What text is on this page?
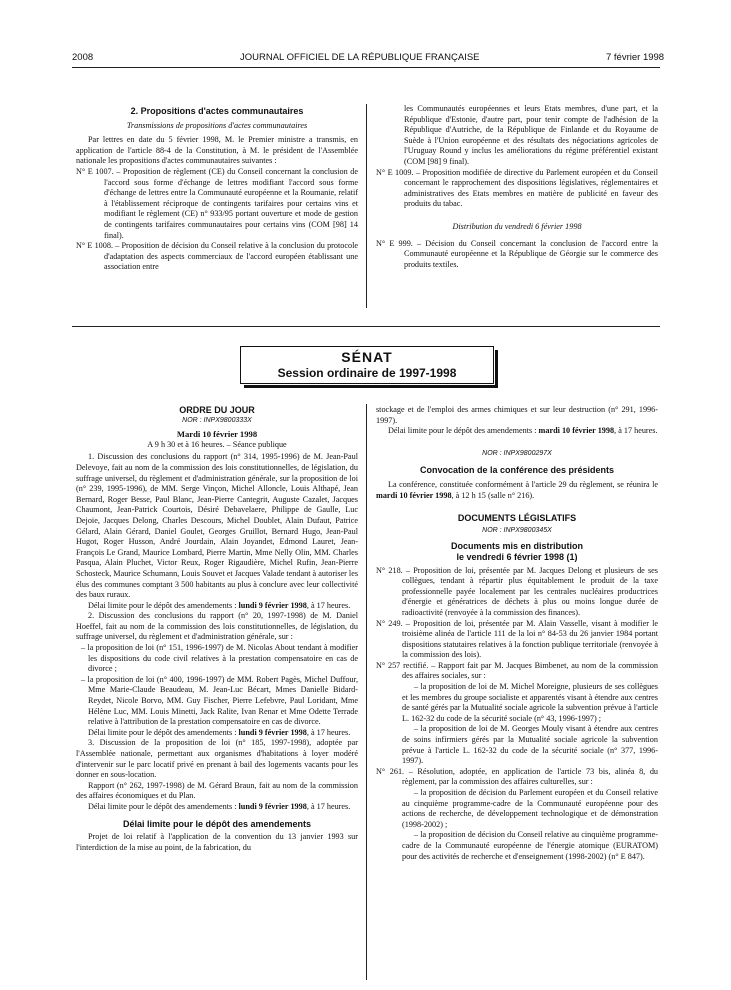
2008	JOURNAL OFFICIEL DE LA RÉPUBLIQUE FRANÇAISE	7 février 1998
2. Propositions d'actes communautaires
Transmissions de propositions d'actes communautaires

Par lettres en date du 5 février 1998, M. le Premier ministre a transmis, en application de l'article 88-4 de la Constitution, à M. le président de l'Assemblée nationale les propositions d'actes communautaires suivantes :

N° E 1007. – Proposition de règlement (CE) du Conseil concernant la conclusion de l'accord sous forme d'échange de lettres modifiant l'accord sous forme d'échange de lettres entre la Communauté européenne et la Roumanie, relatif à l'établissement réciproque de contingents tarifaires pour certains vins et modifiant le règlement (CE) n° 933/95 portant ouverture et mode de gestion de contingents tarifaires communautaires pour certains vins (COM [98] 14 final).

N° E 1008. – Proposition de décision du Conseil relative à la conclusion du protocole d'adaptation des aspects commerciaux de l'accord européen établissant une association entre

les Communautés européennes et leurs Etats membres, d'une part, et la République d'Estonie, d'autre part, pour tenir compte de l'adhésion de la République d'Autriche, de la République de Finlande et du Royaume de Suède à l'Union européenne et des résultats des négociations agricoles de l'Uruguay Round y inclus les améliorations du régime préférentiel existant (COM [98] 9 final).

N° E 1009. – Proposition modifiée de directive du Parlement européen et du Conseil concernant le rapprochement des dispositions législatives, réglementaires et administratives des Etats membres en matière de publicité en faveur des produits du tabac.

Distribution du vendredi 6 février 1998

N° E 999. – Décision du Conseil concernant la conclusion de l'accord entre la Communauté européenne et la République de Géorgie sur le commerce des produits textiles.

SÉNAT
Session ordinaire de 1997-1998
ORDRE DU JOUR
NOR : INPX9800333X
Mardi 10 février 1998
A 9 h 30 et à 16 heures. – Séance publique

1. Discussion des conclusions du rapport (n° 314, 1995-1996) de M. Jean-Paul Delevoye, fait au nom de la commission des lois constitutionnelles, de législation, du suffrage universel, du règlement et d'administration générale, sur la proposition de loi (n° 239, 1995-1996), de MM. Serge Vinçon, Michel Alloncle, Louis Althapé, Jean Bernard, Roger Besse, Paul Blanc, Jean-Pierre Cantegrit, Auguste Cazalet, Jacques Chaumont, Jean-Patrick Courtois, Désiré Debavelaere, Philippe de Gaulle, Luc Dejoie, Jacques Delong, Charles Descours, Michel Doublet, Alain Dufaut, Patrice Gélard, Alain Gérard, Daniel Goulet, Georges Gruillot, Bernard Hugo, Jean-Paul Hugot, Roger Husson, André Jourdain, Alain Joyandet, Edmond Lauret, Jean-François Le Grand, Maurice Lombard, Pierre Martin, Mme Nelly Olin, MM. Charles Pasqua, Alain Pluchet, Victor Reux, Roger Rigaudière, Michel Rufin, Jean-Pierre Schosteck, Maurice Schumann, Louis Souvet et Jacques Valade tendant à autoriser les élus des communes comptant 3 500 habitants au plus à conclure avec leur collectivité des baux ruraux.

Délai limite pour le dépôt des amendements : lundi 9 février 1998, à 17 heures.

2. Discussion des conclusions du rapport (n° 20, 1997-1998) de M. Daniel Hoeffel, fait au nom de la commission des lois constitutionnelles, de législation, du suffrage universel, du règlement et d'administration générale, sur :

– la proposition de loi (n° 151, 1996-1997) de M. Nicolas About tendant à modifier les dispositions du code civil relatives à la prestation compensatoire en cas de divorce ;

– la proposition de loi (n° 400, 1996-1997) de MM. Robert Pagès, Michel Duffour, Mme Marie-Claude Beaudeau, M. Jean-Luc Bécart, Mmes Danielle Bidard-Reydet, Nicole Borvo, MM. Guy Fischer, Pierre Lefebvre, Paul Loridant, Mme Hélène Luc, MM. Louis Minetti, Jack Ralite, Ivan Renar et Mme Odette Terrade relative à l'attribution de la prestation compensatoire en cas de divorce.

Délai limite pour le dépôt des amendements : lundi 9 février 1998, à 17 heures.

3. Discussion de la proposition de loi (n° 185, 1997-1998), adoptée par l'Assemblée nationale, permettant aux organismes d'habitations à loyer modéré d'intervenir sur le parc locatif privé en prenant à bail des logements vacants pour les donner en sous-location.

Rapport (n° 262, 1997-1998) de M. Gérard Braun, fait au nom de la commission des affaires économiques et du Plan.

Délai limite pour le dépôt des amendements : lundi 9 février 1998, à 17 heures.

Délai limite pour le dépôt des amendements

Projet de loi relatif à l'application de la convention du 13 janvier 1993 sur l'interdiction de la mise au point, de la fabrication, du

stockage et de l'emploi des armes chimiques et sur leur destruction (n° 291, 1996-1997).

Délai limite pour le dépôt des amendements : mardi 10 février 1998, à 17 heures.

NOR : INPX9800297X
Convocation de la conférence des présidents

La conférence, constituée conformément à l'article 29 du règlement, se réunira le mardi 10 février 1998, à 12 h 15 (salle n° 216).

DOCUMENTS LÉGISLATIFS
NOR : INPX9800345X
Documents mis en distribution
le vendredi 6 février 1998 (1)

N° 218. – Proposition de loi, présentée par M. Jacques Delong et plusieurs de ses collègues, tendant à répartir plus équitablement le produit de la taxe professionnelle payée localement par les centrales nucléaires productrices d'énergie et génératrices de déchets à plus ou moins longue durée de radioactivité (renvoyée à la commission des finances).

N° 249. – Proposition de loi, présentée par M. Alain Vasselle, visant à modifier le troisième alinéa de l'article 111 de la loi n° 84-53 du 26 janvier 1984 portant dispositions statutaires relatives à la fonction publique territoriale (renvoyée à la commission des lois).

N° 257 rectifié. – Rapport fait par M. Jacques Bimbenet, au nom de la commission des affaires sociales, sur :

– la proposition de loi de M. Michel Moreigne, plusieurs de ses collègues et les membres du groupe socialiste et apparentés visant à étendre aux centres de santé gérés par la Mutualité sociale agricole la subvention prévue à l'article L. 162-32 du code de la sécurité sociale (n° 43, 1996-1997) ;

– la proposition de loi de M. Georges Mouly visant à étendre aux centres de soins infirmiers gérés par la Mutualité sociale agricole la subvention prévue à l'article L. 162-32 du code de la sécurité sociale (n° 377, 1996-1997).

N° 261. – Résolution, adoptée, en application de l'article 73 bis, alinéa 8, du règlement, par la commission des affaires culturelles, sur :

– la proposition de décision du Parlement européen et du Conseil relative au cinquième programme-cadre de la Communauté européenne pour des actions de recherche, de développement technologique et de démonstration (1998-2002) ;

– la proposition de décision du Conseil relative au cinquième programme-cadre de la Communauté européenne de l'énergie atomique (EURATOM) pour des activités de recherche et d'enseignement (1998-2002) (n° E 847).
